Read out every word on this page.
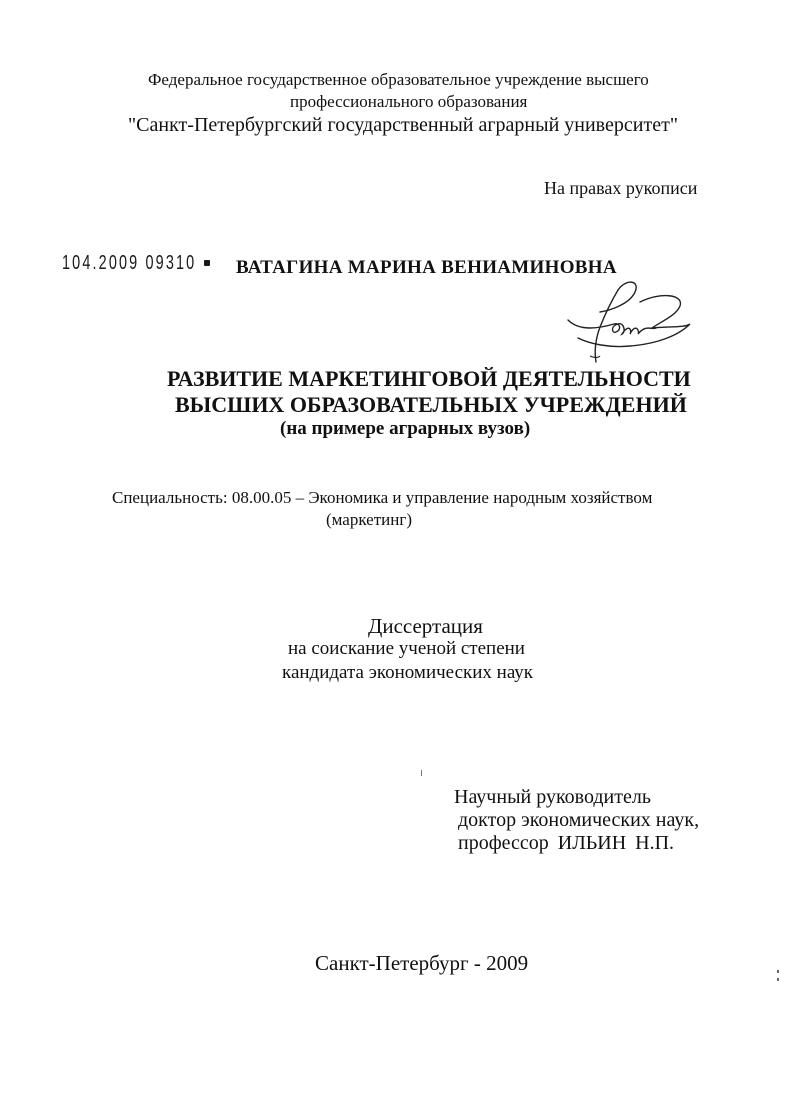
Федеральное государственное образовательное учреждение высшего
профессионального образования
"Санкт-Петербургский государственный аграрный университет"
На правах рукописи
104.2009 09310 ВАТАГИНА МАРИНА ВЕНИАМИНОВНА
РАЗВИТИЕ МАРКЕТИНГОВОЙ ДЕЯТЕЛЬНОСТИ
ВЫСШИХ ОБРАЗОВАТЕЛЬНЫХ УЧРЕЖДЕНИЙ
(на примере аграрных вузов)
Специальность: 08.00.05 – Экономика и управление народным хозяйством
(маркетинг)
Диссертация
на соискание ученой степени
кандидата экономических наук
Научный руководитель
доктор экономических наук,
профессор ИЛЬИН Н.П.
Санкт-Петербург - 2009
